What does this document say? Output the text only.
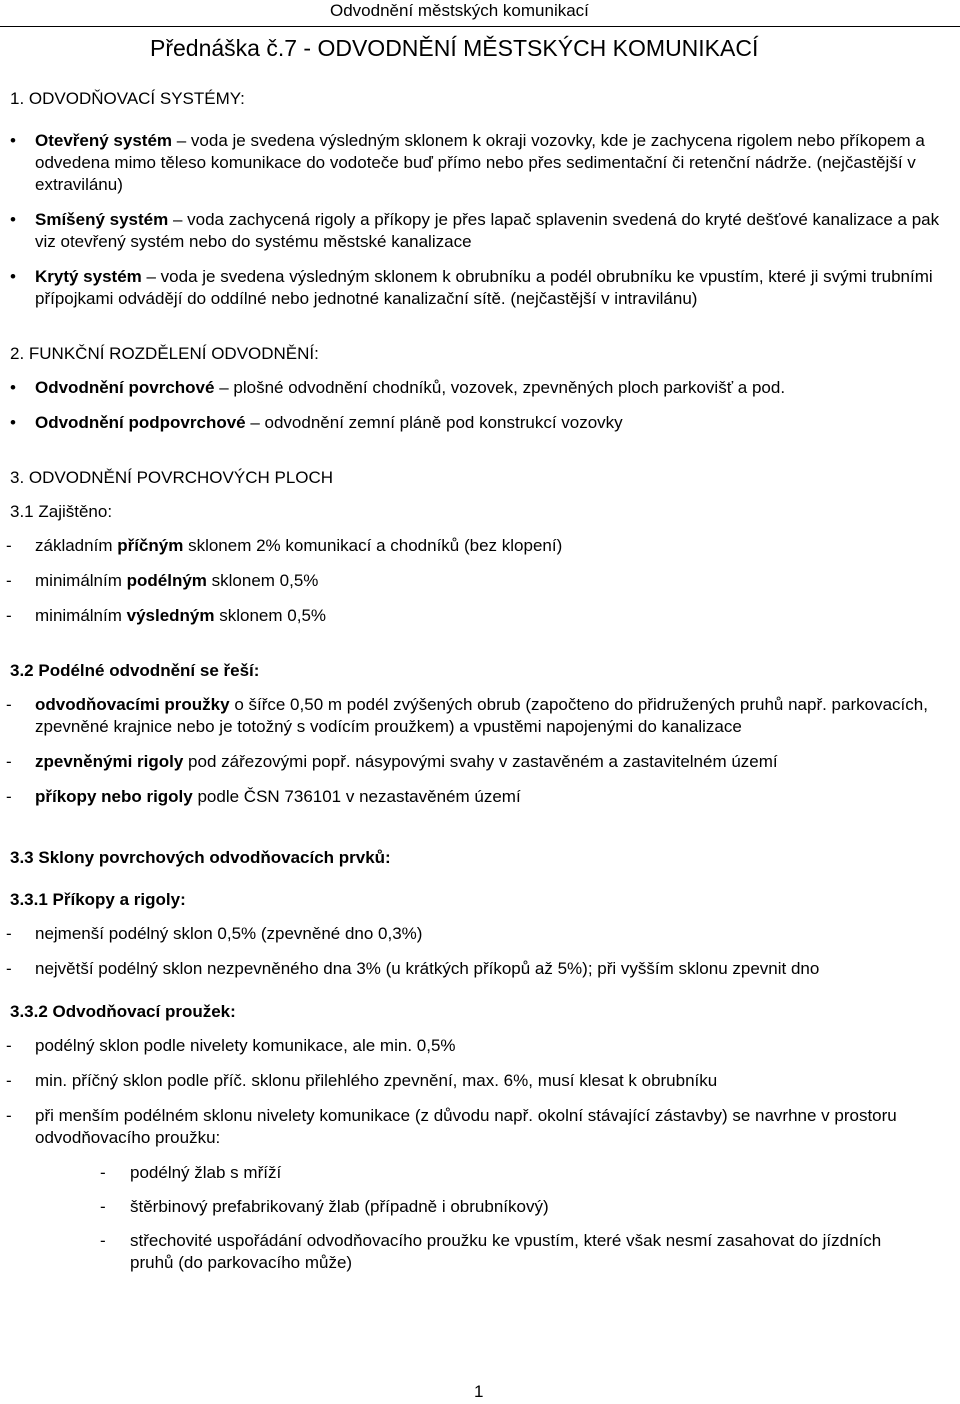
Odvodnění městských komunikací
Přednáška č.7 - ODVODNĚNÍ MĚSTSKÝCH KOMUNIKACÍ
1. ODVODŇOVACÍ SYSTÉMY:
•	Otevřený systém – voda je svedena výsledným sklonem k okraji vozovky, kde je zachycena rigolem nebo příkopem a odvedena mimo těleso komunikace do vodoteče buď přímo nebo přes sedimentační či retenční nádrže. (nejčastější v extravilánu)
•	Smíšený systém – voda zachycená rigoly a příkopy je přes lapač splavenin svedená do kryté dešťové kanalizace a pak viz otevřený systém nebo do systému městské kanalizace
•	Krytý systém – voda je svedena výsledným sklonem k obrubníku a podél obrubníku ke vpustím, které ji svými trubními přípojkami odvádějí do oddílné nebo jednotné kanalizační sítě. (nejčastější v intravilánu)
2. FUNKČNÍ ROZDĚLENÍ ODVODNĚNÍ:
•	Odvodnění povrchové – plošné odvodnění chodníků, vozovek, zpevněných ploch parkovišť a pod.
•	Odvodnění podpovrchové – odvodnění zemní pláně pod konstrukcí vozovky
3. ODVODNĚNÍ POVRCHOVÝCH PLOCH
3.1 Zajištěno:
- základním příčným sklonem 2% komunikací a chodníků (bez klopení)
- minimálním podélným sklonem 0,5%
- minimálním výsledným sklonem 0,5%
3.2 Podélné odvodnění se řeší:
- odvodňovacími proužky o šířce 0,50 m podél zvýšených obrub (započteno do přidružených pruhů např. parkovacích, zpevněné krajnice nebo je totožný s vodícím proužkem) a vpustěmi napojenými do kanalizace
- zpevněnými rigoly pod zářezovými popř. násypovými svahy v zastavěném a zastavitelném území
- příkopy nebo rigoly podle ČSN 736101 v nezastavěném území
3.3 Sklony povrchových odvodňovacích prvků:
3.3.1 Příkopy a rigoly:
- nejmenší podélný sklon 0,5% (zpevněné dno 0,3%)
- největší podélný sklon nezpevněného dna 3% (u krátkých příkopů až 5%); při vyšším sklonu zpevnit dno
3.3.2 Odvodňovací proužek:
- podélný sklon podle nivelety komunikace, ale min. 0,5%
- min. příčný sklon podle příč. sklonu přilehlého zpevnění, max. 6%, musí klesat k obrubníku
- při menším podélném sklonu nivelety komunikace (z důvodu např. okolní stávající zástavby) se navrhne v prostoru odvodňovacího proužku:
- podélný žlab s mříží
- štěrbinový prefabrikovaný žlab (případně i obrubníkový)
- střechovité uspořádání odvodňovacího proužku ke vpustím, které však nesmí zasahovat do jízdních pruhů (do parkovacího může)
1
